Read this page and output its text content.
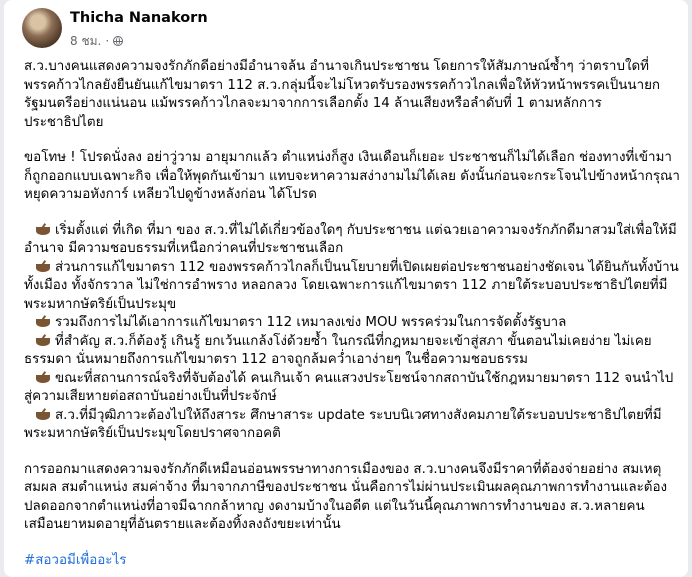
Thicha Nanakorn
8 ชม. ·

ส.ว.บางคนแสดงความจงรักภักดีอย่างมีอำนาจล้น อำนาจเกินประชาชน โดยการให้สัมภาษณ์ซ้ำๆ ว่าตราบใดที่พรรคก้าวไกลยังยืนยันแก้ไขมาตรา 112 ส.ว.กลุ่มนี้จะไม่โหวตรับรองพรรคก้าวไกลเพื่อให้หัวหน้าพรรคเป็นนายกรัฐมนตรีอย่างแน่นอน แม้พรรคก้าวไกลจะมาจากการเลือกตั้ง 14 ล้านเสียงหรือลำดับที่ 1 ตามหลักการประชาธิปไตย

ขอโทษ ! โปรดนั่งลง อย่าวู่วาม อายุมากแล้ว ตำแหน่งก็สูง เงินเดือนก็เยอะ ประชาชนก็ไม่ได้เลือก ช่องทางที่เข้ามาก็ถูกออกแบบเฉพาะกิจ เพื่อให้พุดกันเข้ามา แทบจะหาความสง่างามไม่ได้เลย ดังนั้นก่อนจะกระโจนไปข้างหน้ากรุณาหยุดความอหังการ์ เหลียวไปดูข้างหลังก่อน ได้โปรด

เริ่มตั้งแต่ ที่เกิด ที่มา ของ ส.ว.ที่ไม่ได้เกี่ยวข้องใดๆ กับประชาชน แต่ฉวยเอาความจงรักภักดีมาสวมใส่เพื่อให้มีอำนาจ มีความชอบธรรมที่เหนือกว่าคนที่ประชาชนเลือก

ส่วนการแก้ไขมาตรา 112 ของพรรคก้าวไกลก็เป็นนโยบายที่เปิดเผยต่อประชาชนอย่างชัดเจน ได้ยินกันทั้งบ้าน ทั้งเมือง ทั้งจักรวาล ไม่ใช่การอำพราง หลอกลวง โดยเฉพาะการแก้ไขมาตรา 112 ภายใต้ระบอบประชาธิปไตยที่มีพระมหากษัตริย์เป็นประมุข

รวมถึงการไม่ได้เอาการแก้ไขมาตรา 112 เหมาลงเข่ง MOU พรรคร่วมในการจัดตั้งรัฐบาล

ที่สำคัญ ส.ว.ก็ต้องรู้ เกินรู้ ยกเว้นแกล้งโง่ด้วยซ้ำ ในกรณีที่กฎหมายจะเข้าสู่สภา ขั้นตอนไม่เคยง่าย ไม่เคยธรรมดา นั่นหมายถึงการแก้ไขมาตรา 112 อาจถูกล้มคว่ำเอาง่ายๆ ในชื่อความชอบธรรม

ขณะที่สถานการณ์จริงที่จับต้องได้ คนเกินเจ้า คนแสวงประโยชน์จากสถาบันใช้กฎหมายมาตรา 112 จนนำไปสู่ความเสียหายต่อสถาบันอย่างเป็นที่ประจักษ์

ส.ว.ที่มีวุฒิภาวะต้องไปให้ถึงสาระ ศึกษาสาระ update ระบบนิเวศทางสังคมภายใต้ระบอบประชาธิปไตยที่มีพระมหากษัตริย์เป็นประมุขโดยปราศจากอคติ

การออกมาแสดงความจงรักภักดีเหมือนอ่อนพรรษาทางการเมืองของ ส.ว.บางคนจึงมีราคาที่ต้องจ่ายอย่าง สมเหตุ สมผล สมตำแหน่ง สมค่าจ้าง ที่มาจากภาษีของประชาชน นั่นคือการไม่ผ่านประเมินผลคุณภาพการทำงานและต้องปลดออกจากตำแหน่งที่อาจมีฉากกล้าหาญ งดงามบ้างในอดีต แต่ในวันนี้คุณภาพการทำงานของ ส.ว.หลายคนเสมือนยาหมดอายุที่อันตรายและต้องทิ้งลงถังขยะเท่านั้น

#สอวอมีเพื่ออะไร
